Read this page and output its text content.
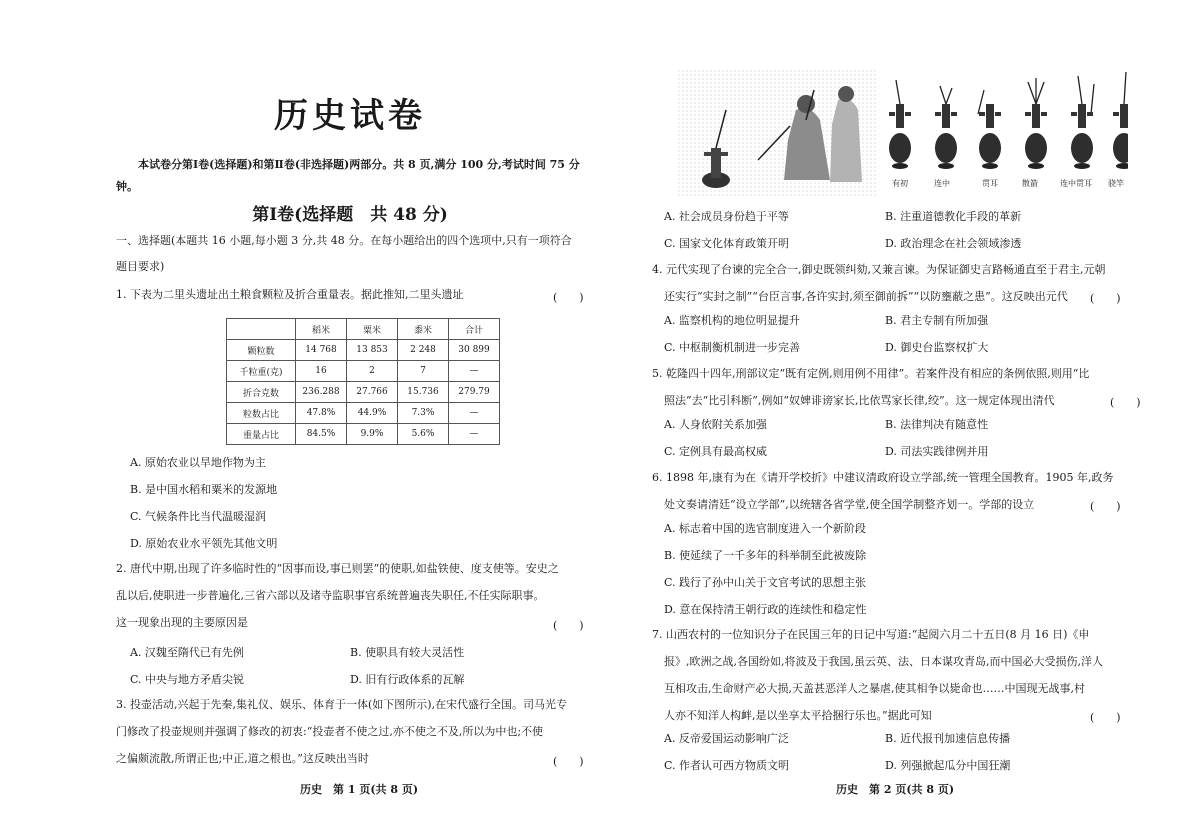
历史试卷
本试卷分第Ⅰ卷(选择题)和第Ⅱ卷(非选择题)两部分。共 8 页,满分 100 分,考试时间 75 分钟。
第Ⅰ卷(选择题　共 48 分)
一、选择题(本题共 16 小题,每小题 3 分,共 48 分。在每小题给出的四个选项中,只有一项符合
题目要求)
1. 下表为二里头遗址出土粮食颗粒及折合重量表。据此推知,二里头遗址	(　　)
	稻米	粟米	黍米	合计
颗粒数	14 768	13 853	2 248	30 899
千粒重(克)	16	2	7	—
折合克数	236.288	27.766	15.736	279.79
粒数占比	47.8%	44.9%	7.3%	—
重量占比	84.5%	9.9%	5.6%	—
A. 原始农业以旱地作物为主
B. 是中国水稻和粟米的发源地
C. 气候条件比当代温暖湿润
D. 原始农业水平领先其他文明
2. 唐代中期,出现了许多临时性的“因事而设,事已则罢”的使职,如盐铁使、度支使等。安史之
乱以后,使职进一步普遍化,三省六部以及诸寺监职事官系统普遍丧失职任,不任实际职事。
这一现象出现的主要原因是	(　　)
A. 汉魏至隋代已有先例	B. 使职具有较大灵活性
C. 中央与地方矛盾尖锐	D. 旧有行政体系的瓦解
3. 投壶活动,兴起于先秦,集礼仪、娱乐、体育于一体(如下图所示),在宋代盛行全国。司马光专
门修改了投壶规则并强调了修改的初衷:“投壶者不使之过,亦不使之不及,所以为中也;不使
之偏颇流散,所谓正也;中正,道之根也。”这反映出当时	(　　)
历史　第 1 页(共 8 页)
有初	连中	贯耳	散箭	连中贯耳 骁竿
A. 社会成员身份趋于平等	B. 注重道德教化手段的革新
C. 国家文化体育政策开明	D. 政治理念在社会领域渗透
4. 元代实现了台谏的完全合一,御史既领纠劾,又兼言谏。为保证御史言路畅通直至于君主,元朝
还实行“实封之制”“台臣言事,各许实封,须至御前拆”“以防壅蔽之患”。这反映出元代 (　　)
A. 监察机构的地位明显提升	B. 君主专制有所加强
C. 中枢制衡机制进一步完善	D. 御史台监察权扩大
5. 乾隆四十四年,刑部议定“既有定例,则用例不用律”。若案件没有相应的条例依照,则用“比
照法”去“比引科断”,例如“奴婢诽谤家长,比依骂家长律,绞”。这一规定体现出清代	(　　)
A. 人身依附关系加强	B. 法律判决有随意性
C. 定例具有最高权威	D. 司法实践律例并用
6. 1898 年,康有为在《请开学校折》中建议清政府设立学部,统一管理全国教育。1905 年,政务
处文奏请清廷“设立学部”,以统辖各省学堂,使全国学制整齐划一。学部的设立	(　　)
A. 标志着中国的选官制度进入一个新阶段
B. 使延续了一千多年的科举制至此被废除
C. 践行了孙中山关于文官考试的思想主张
D. 意在保持清王朝行政的连续性和稳定性
7. 山西农村的一位知识分子在民国三年的日记中写道:“起阅六月二十五日(8 月 16 日)《申
报》,欧洲之战,各国纷如,将波及于我国,虽云英、法、日本谋攻青岛,而中国必大受损伤,洋人
互相攻击,生命财产必大损,天盖甚恶洋人之暴虐,使其相争以毙命也……中国现无战事,村
人亦不知洋人构衅,是以坐享太平拾捆行乐也。”据此可知	(　　)
A. 反帝爱国运动影响广泛	B. 近代报刊加速信息传播
C. 作者认可西方物质文明	D. 列强掀起瓜分中国狂潮
历史　第 2 页(共 8 页)
